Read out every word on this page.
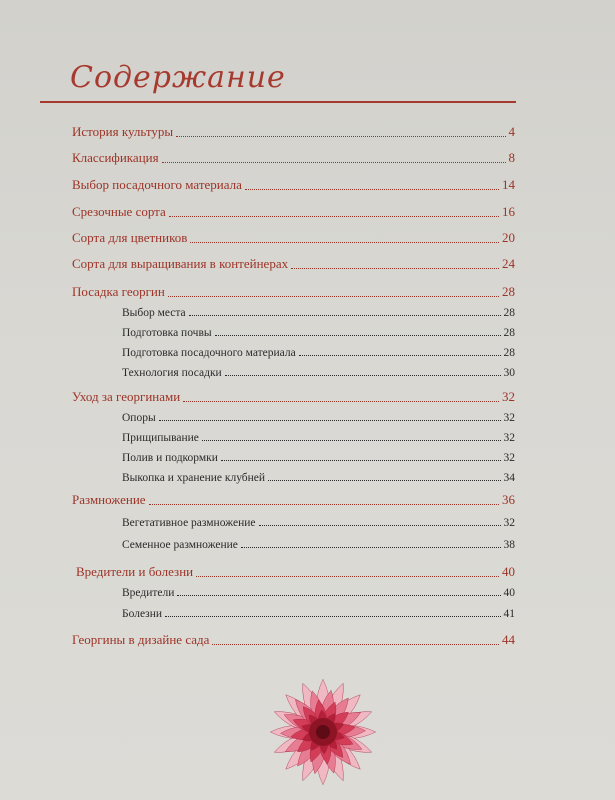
Содержание
История культуры	4
Классификация	8
Выбор посадочного материала	14
Срезочные сорта	16
Сорта для цветников	20
Сорта для выращивания в контейнерах	24
Посадка георгин	28
Выбор места	28
Подготовка почвы	28
Подготовка посадочного материала	28
Технология посадки	30
Уход за георгинами	32
Опоры	32
Прищипывание	32
Полив и подкормки	32
Выкопка и хранение клубней	34
Размножение	36
Вегетативное размножение	32
Семенное размножение	38
Вредители и болезни	40
Вредители	40
Болезни	41
Георгины в дизайне сада	44
